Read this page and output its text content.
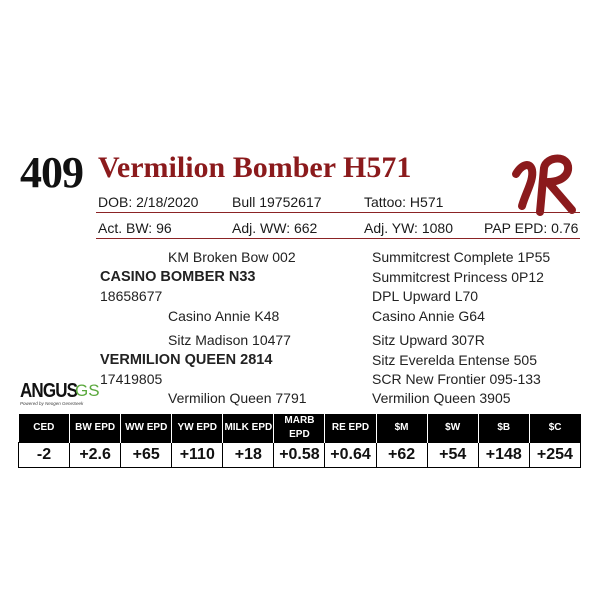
409 Vermilion Bomber H571
DOB: 2/18/2020 Bull 19752617	Tattoo: H571
Act. BW: 96	Adj. WW: 662	Adj. YW: 1080 PAP EPD: 0.76
KM Broken Bow 002
CASINO BOMBER N33
18658677
Casino Annie K48
Sitz Madison 10477
VERMILION QUEEN 2814
17419805
Vermilion Queen 7791
Summitcrest Complete 1P55
Summitcrest Princess 0P12
DPL Upward L70
Casino Annie G64
Sitz Upward 307R
Sitz Everelda Entense 505
SCR New Frontier 095-133
Vermilion Queen 3905
ANGUS
GS
Powered by Neogen GeneSeek
CED	BW EPD	WW EPD	YW EPD	MILK EPD	MARB EPD	RE EPD	$M	$W	$B	$C
-2	+2.6	+65	+110	+18	+0.58	+0.64	+62	+54	+148	+254
